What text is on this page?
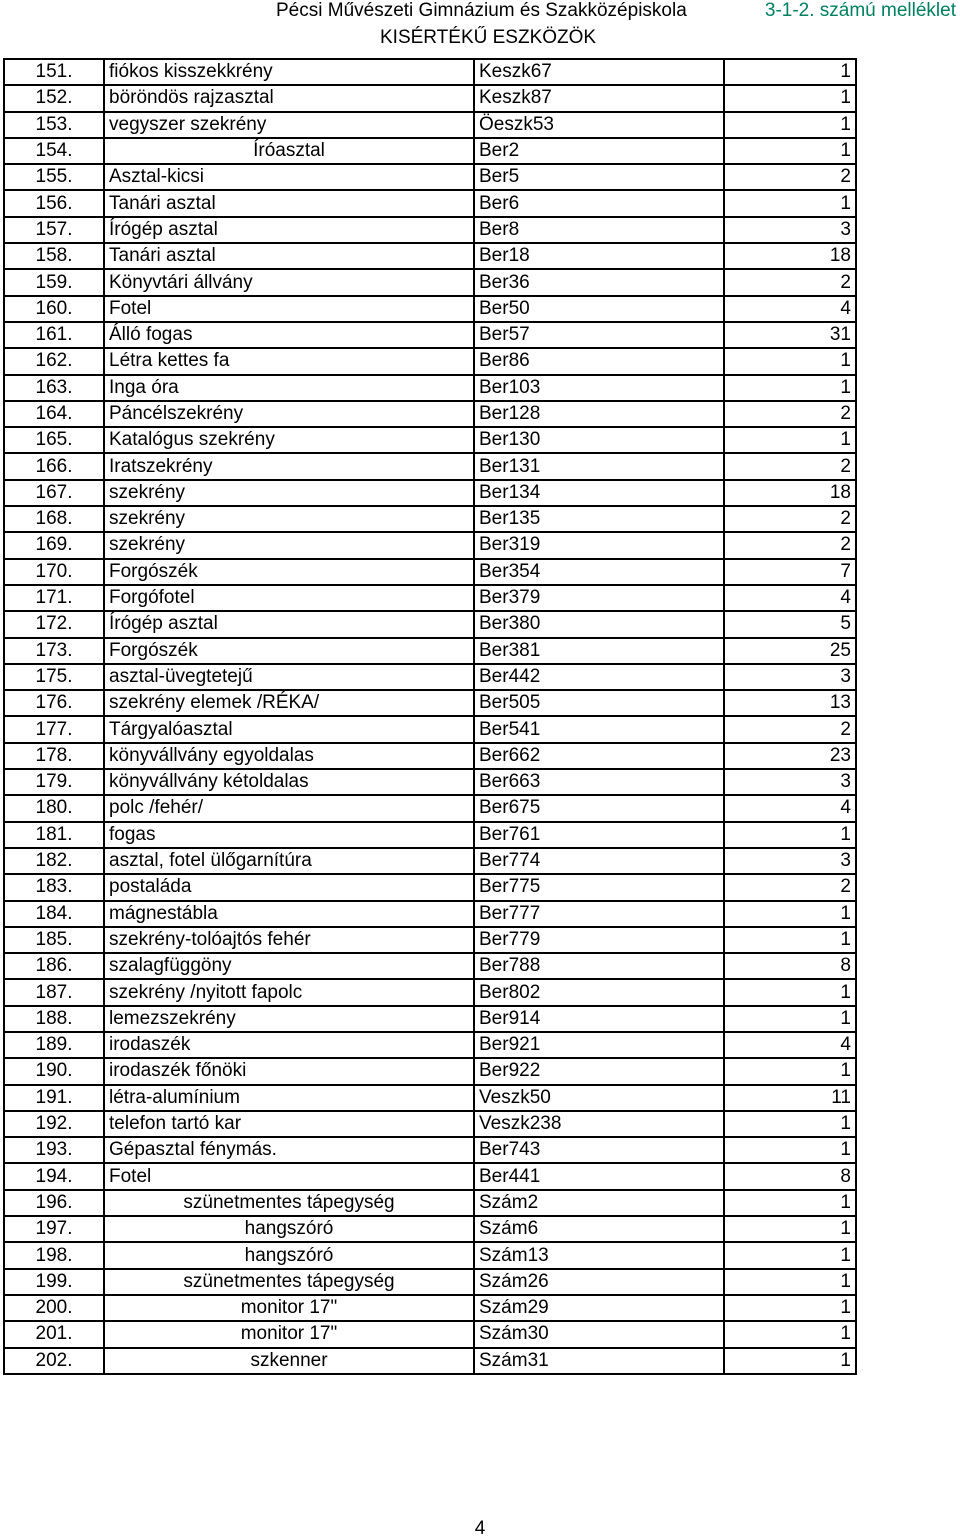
Pécsi Művészeti Gimnázium és Szakközépiskola	3-1-2. számú melléklet
KISÉRTÉKŰ ESZKÖZÖK
151.	fiókos kisszekkrény	Keszk67	1
152.	böröndös rajzasztal	Keszk87	1
153.	vegyszer szekrény	Öeszk53	1
154.	Íróasztal	Ber2	1
155.	Asztal-kicsi	Ber5	2
156.	Tanári asztal	Ber6	1
157.	Írógép asztal	Ber8	3
158.	Tanári asztal	Ber18	18
159.	Könyvtári állvány	Ber36	2
160.	Fotel	Ber50	4
161.	Álló fogas	Ber57	31
162.	Létra kettes fa	Ber86	1
163.	Inga óra	Ber103	1
164.	Páncélszekrény	Ber128	2
165.	Katalógus szekrény	Ber130	1
166.	Iratszekrény	Ber131	2
167.	szekrény	Ber134	18
168.	szekrény	Ber135	2
169.	szekrény	Ber319	2
170.	Forgószék	Ber354	7
171.	Forgófotel	Ber379	4
172.	Írógép asztal	Ber380	5
173.	Forgószék	Ber381	25
175.	asztal-üvegtetejű	Ber442	3
176.	szekrény elemek /RÉKA/	Ber505	13
177.	Tárgyalóasztal	Ber541	2
178.	könyvállvány egyoldalas	Ber662	23
179.	könyvállvány kétoldalas	Ber663	3
180.	polc /fehér/	Ber675	4
181.	fogas	Ber761	1
182.	asztal, fotel ülőgarnítúra	Ber774	3
183.	postaláda	Ber775	2
184.	mágnestábla	Ber777	1
185.	szekrény-tolóajtós fehér	Ber779	1
186.	szalagfüggöny	Ber788	8
187.	szekrény /nyitott fapolc	Ber802	1
188.	lemezszekrény	Ber914	1
189.	irodaszék	Ber921	4
190.	irodaszék főnöki	Ber922	1
191.	létra-alumínium	Veszk50	11
192.	telefon tartó kar	Veszk238	1
193.	Gépasztal fénymás.	Ber743	1
194.	Fotel	Ber441	8
196.	szünetmentes tápegység	Szám2	1
197.	hangszóró	Szám6	1
198.	hangszóró	Szám13	1
199.	szünetmentes tápegység	Szám26	1
200.	monitor 17"	Szám29	1
201.	monitor 17"	Szám30	1
202.	szkenner	Szám31	1
4
